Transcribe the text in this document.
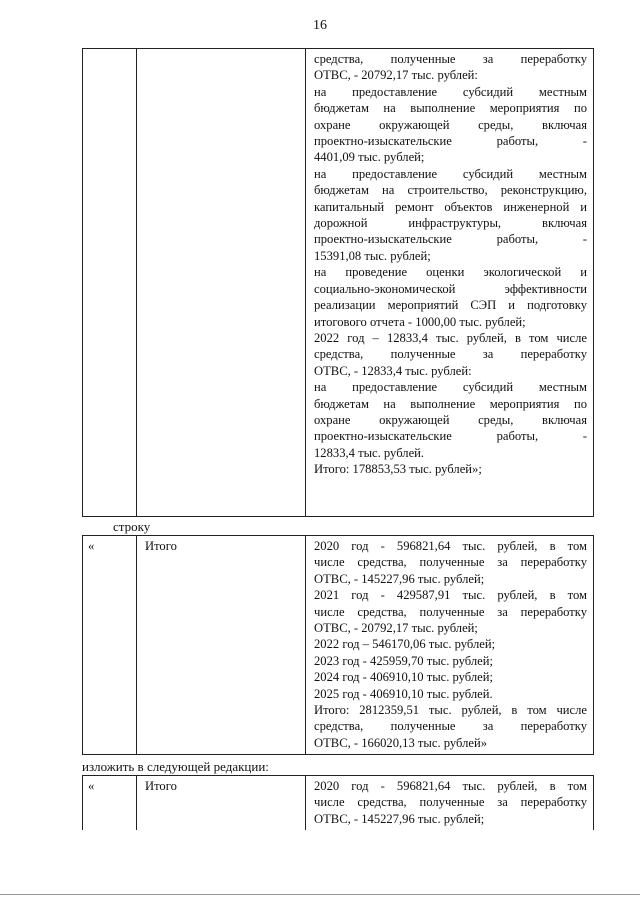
16

средства, полученные за переработку
ОТВС, - 20792,17 тыс. рублей:
на предоставление субсидий местным
бюджетам на выполнение мероприятия по
охране окружающей среды, включая
проектно-изыскательские работы, -
4401,09 тыс. рублей;
на предоставление субсидий местным
бюджетам на строительство, реконструкцию,
капитальный ремонт объектов инженерной и
дорожной инфраструктуры, включая
проектно-изыскательские работы, -
15391,08 тыс. рублей;
на проведение оценки экологической и
социально-экономической эффективности
реализации мероприятий СЭП и подготовку
итогового отчета - 1000,00 тыс. рублей;
2022 год – 12833,4 тыс. рублей, в том числе
средства, полученные за переработку
ОТВС, - 12833,4 тыс. рублей:
на предоставление субсидий местным
бюджетам на выполнение мероприятия по
охране окружающей среды, включая
проектно-изыскательские работы, -
12833,4 тыс. рублей.
Итого: 178853,53 тыс. рублей»;
строку
«	Итого	2020 год - 596821,64 тыс. рублей, в том
числе средства, полученные за переработку
ОТВС, - 145227,96 тыс. рублей;
2021 год - 429587,91 тыс. рублей, в том
числе средства, полученные за переработку
ОТВС, - 20792,17 тыс. рублей;
2022 год – 546170,06 тыс. рублей;
2023 год - 425959,70 тыс. рублей;
2024 год - 406910,10 тыс. рублей;
2025 год - 406910,10 тыс. рублей.
Итого: 2812359,51 тыс. рублей, в том числе
средства, полученные за переработку
ОТВС, - 166020,13 тыс. рублей»
изложить в следующей редакции:
«	Итого	2020 год - 596821,64 тыс. рублей, в том
числе средства, полученные за переработку
ОТВС, - 145227,96 тыс. рублей;
